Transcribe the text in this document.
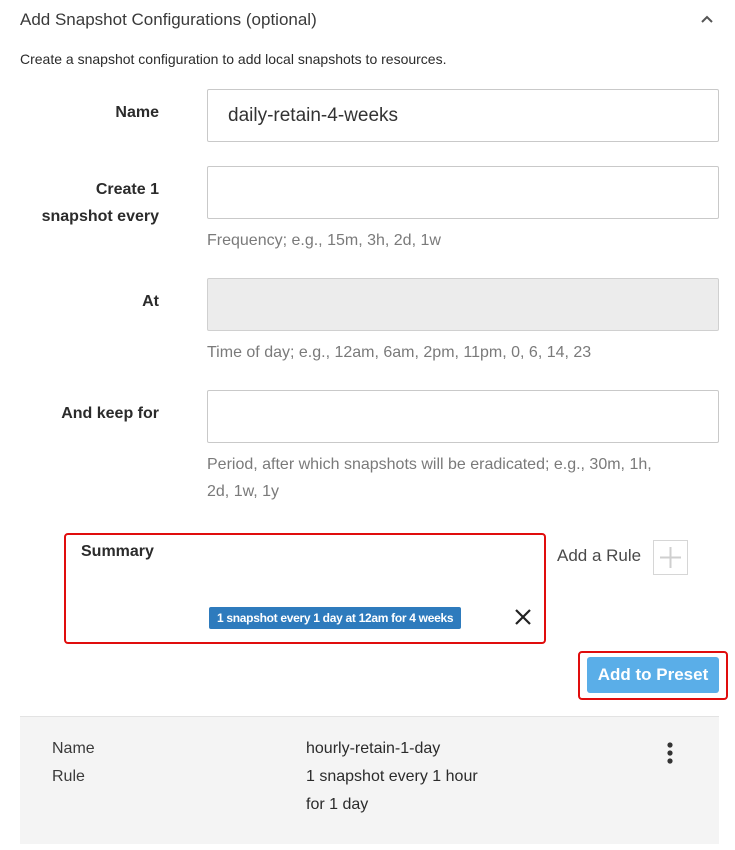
Add Snapshot Configurations (optional)
Create a snapshot configuration to add local snapshots to resources.
Name
daily-retain-4-weeks
Create 1
snapshot every
Frequency; e.g., 15m, 3h, 2d, 1w
At
Time of day; e.g., 12am, 6am, 2pm, 11pm, 0, 6, 14, 23
And keep for
Period, after which snapshots will be eradicated; e.g., 30m, 1h,
2d, 1w, 1y
Summary
1 snapshot every 1 day at 12am for 4 weeks
Add a Rule
Add to Preset
Name	hourly-retain-1-day
Rule	1 snapshot every 1 hour
for 1 day
